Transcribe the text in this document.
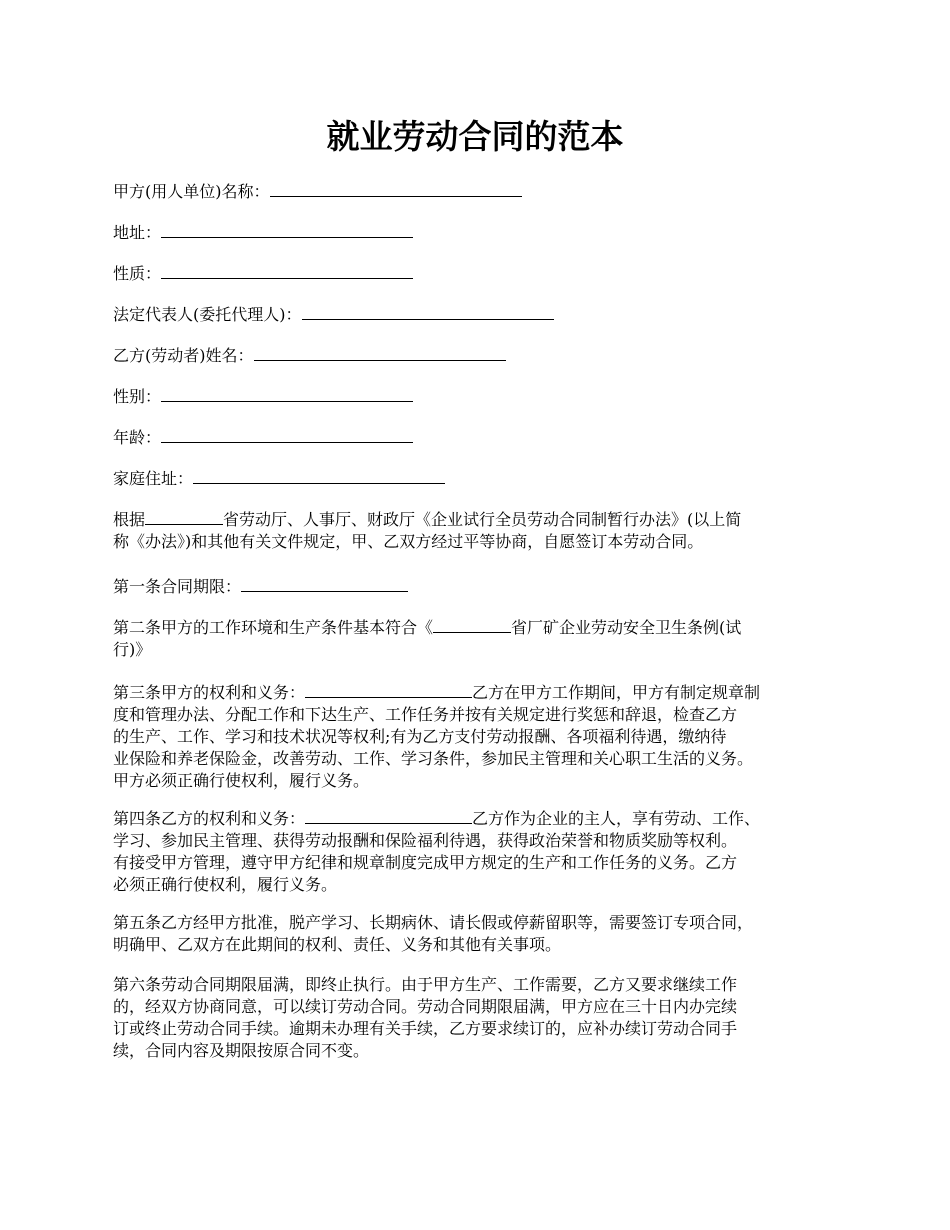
就业劳动合同的范本
甲方(用人单位)名称：
地址：
性质：
法定代表人(委托代理人)：
乙方(劳动者)姓名：
性别：
年龄：
家庭住址：
根据	省劳动厅、人事厅、财政厅《企业试行全员劳动合同制暂行办法》(以上简
称《办法》)和其他有关文件规定，甲、乙双方经过平等协商，自愿签订本劳动合同。
第一条合同期限：
第二条甲方的工作环境和生产条件基本符合《	省厂矿企业劳动安全卫生条例(试
行)》
第三条甲方的权利和义务：	乙方在甲方工作期间，甲方有制定规章制
度和管理办法、分配工作和下达生产、工作任务并按有关规定进行奖惩和辞退，检查乙方
的生产、工作、学习和技术状况等权利;有为乙方支付劳动报酬、各项福利待遇，缴纳待
业保险和养老保险金，改善劳动、工作、学习条件，参加民主管理和关心职工生活的义务。
甲方必须正确行使权利，履行义务。
第四条乙方的权利和义务：	乙方作为企业的主人，享有劳动、工作、
学习、参加民主管理、获得劳动报酬和保险福利待遇，获得政治荣誉和物质奖励等权利。
有接受甲方管理，遵守甲方纪律和规章制度完成甲方规定的生产和工作任务的义务。乙方
必须正确行使权利，履行义务。
第五条乙方经甲方批准，脱产学习、长期病休、请长假或停薪留职等，需要签订专项合同，
明确甲、乙双方在此期间的权利、责任、义务和其他有关事项。
第六条劳动合同期限届满，即终止执行。由于甲方生产、工作需要，乙方又要求继续工作
的，经双方协商同意，可以续订劳动合同。劳动合同期限届满，甲方应在三十日内办完续
订或终止劳动合同手续。逾期未办理有关手续，乙方要求续订的，应补办续订劳动合同手
续，合同内容及期限按原合同不变。
